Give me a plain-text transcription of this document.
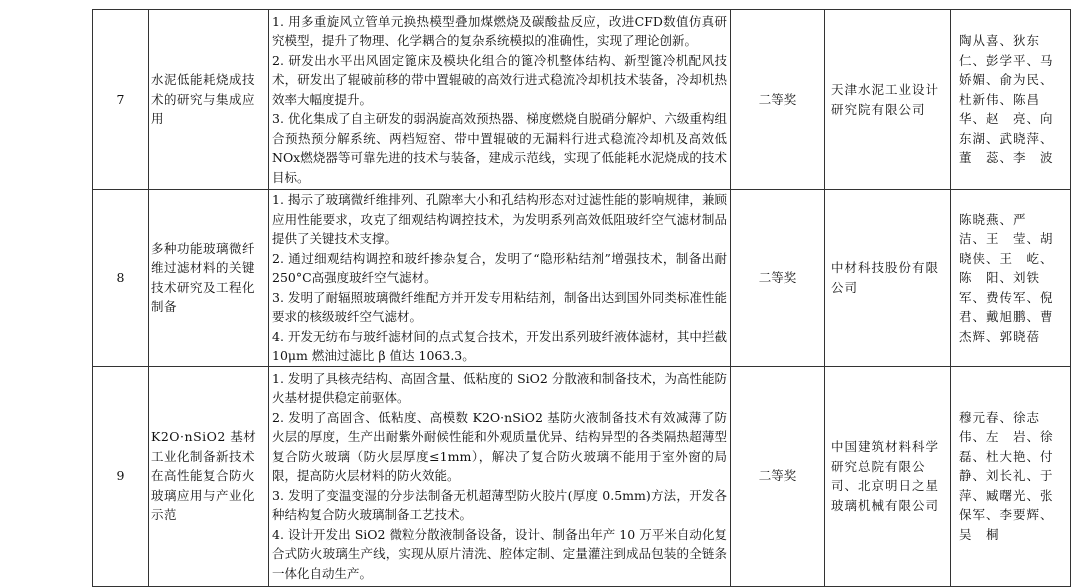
7	水泥低能耗烧成技术的研究与集成应用	1. 用多重旋风立管单元换热模型叠加煤燃烧及碳酸盐反应，改进CFD数值仿真研究模型，提升了物理、化学耦合的复杂系统模拟的准确性，实现了理论创新。

2. 研发出水平出风固定篦床及模块化组合的篦冷机整体结构、新型篦冷机配风技术，研发出了辊破前移的带中置辊破的高效行进式稳流冷却机技术装备，冷却机热效率大幅度提升。

3. 优化集成了自主研发的弱涡旋高效预热器、梯度燃烧自脱硝分解炉、六级重构组合预热预分解系统、两档短窑、带中置辊破的无漏料行进式稳流冷却机及高效低NOx燃烧器等可靠先进的技术与装备，建成示范线，实现了低能耗水泥烧成的技术目标。	二等奖	天津水泥工业设计研究院有限公司	陶从喜、狄东仁、彭学平、马娇媚、俞为民、杜新伟、陈昌华、赵　亮、向东湖、武晓萍、董　蕊、李　波
8	多种功能玻璃微纤维过滤材料的关键技术研究及工程化制备	1. 揭示了玻璃微纤维排列、孔隙率大小和孔结构形态对过滤性能的影响规律，兼顾应用性能要求，攻克了细观结构调控技术，为发明系列高效低阻玻纤空气滤材制品提供了关键技术支撑。

2. 通过细观结构调控和玻纤掺杂复合，发明了“隐形粘结剂”增强技术，制备出耐 250°C高强度玻纤空气滤材。

3. 发明了耐辐照玻璃微纤维配方并开发专用粘结剂，制备出达到国外同类标准性能要求的核级玻纤空气滤材。

4. 开发无纺布与玻纤滤材间的点式复合技术，开发出系列玻纤液体滤材，其中拦截 10μm 燃油过滤比 β 值达 1063.3。	二等奖	中材科技股份有限公司	陈晓燕、严　洁、王　莹、胡晓侠、王　屹、陈　阳、刘铁军、费传军、倪　君、戴旭鹏、曹杰辉、郭晓蓓
9	K2O·nSiO2 基材工业化制备新技术在高性能复合防火玻璃应用与产业化示范	1. 发明了具核壳结构、高固含量、低粘度的 SiO2 分散液和制备技术，为高性能防火基材提供稳定前驱体。

2. 发明了高固含、低粘度、高模数 K2O·nSiO2 基防火液制备技术有效减薄了防火层的厚度，生产出耐紫外耐候性能和外观质量优异、结构异型的各类隔热超薄型复合防火玻璃（防火层厚度≤1mm），解决了复合防火玻璃不能用于室外窗的局限，提高防火层材料的防火效能。

3. 发明了变温变湿的分步法制备无机超薄型防火胶片(厚度 0.5mm)方法，开发各种结构复合防火玻璃制备工艺技术。

4. 设计开发出 SiO2 微粒分散液制备设备，设计、制备出年产 10 万平米自动化复合式防火玻璃生产线，实现从原片清洗、腔体定制、定量灌注到成品包装的全链条一体化自动生产。	二等奖	中国建筑材料科学研究总院有限公司、北京明日之星玻璃机械有限公司	穆元春、徐志伟、左　岩、徐　磊、杜大艳、付　静、刘长礼、于　萍、臧曙光、张保军、李要辉、吴　桐
